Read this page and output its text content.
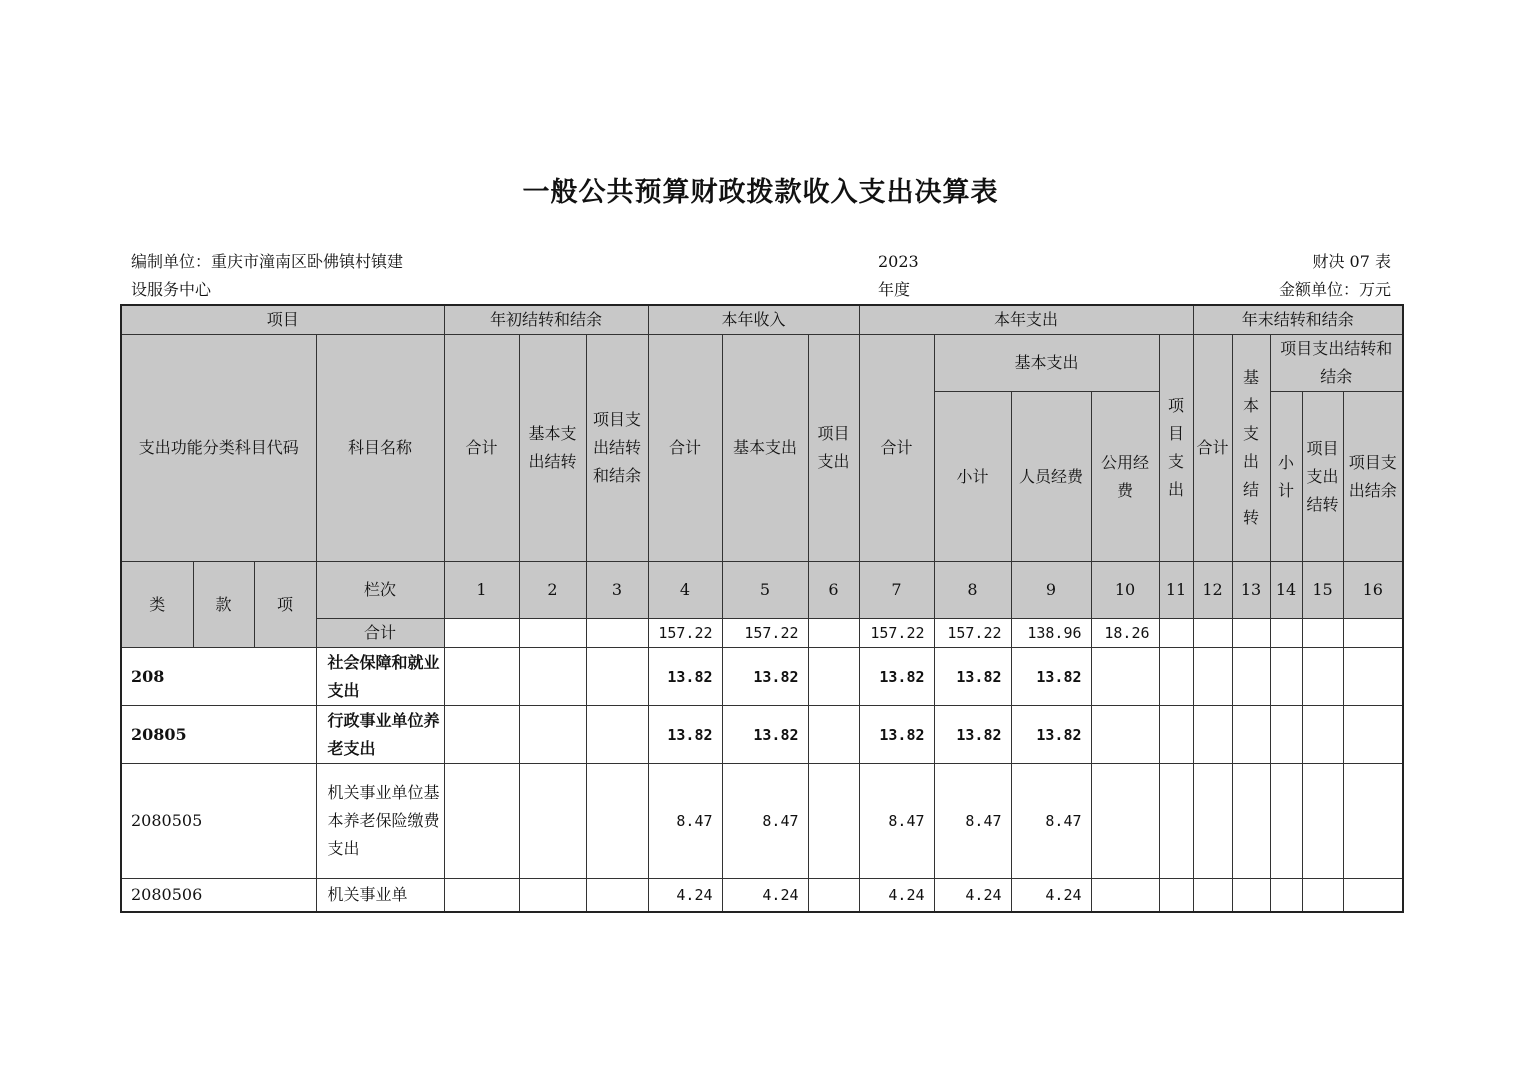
一般公共预算财政拨款收入支出决算表
编制单位：重庆市潼南区卧佛镇村镇建
设服务中心
2023
年度
财决 07 表
金额单位：万元
项目				年初结转和结余			本年收入			本年支出					年末结转和结余				
支出功能分类科目代码			科目名称	合计	基本支出结转	项目支出结转和结余	合计	基本支出	项目支出	合计	基本支出			项目支出	合计	基本支出结转	项目支出结转和结余		
											小计	人员经费	公用经费				小计	项目支出结转	项目支出结余
类	款	项	栏次	1	2	3	4	5	6	7	8	9	10	11	12	13	14	15	16
			合计				157.22	157.22		157.22	157.22	138.96	18.26						
208			社会保障和就业支出				13.82	13.82		13.82	13.82	13.82							
20805			行政事业单位养老支出				13.82	13.82		13.82	13.82	13.82							
2080505			机关事业单位基本养老保险缴费支出				8.47	8.47		8.47	8.47	8.47							
2080506			机关事业单				4.24	4.24		4.24	4.24	4.24							
